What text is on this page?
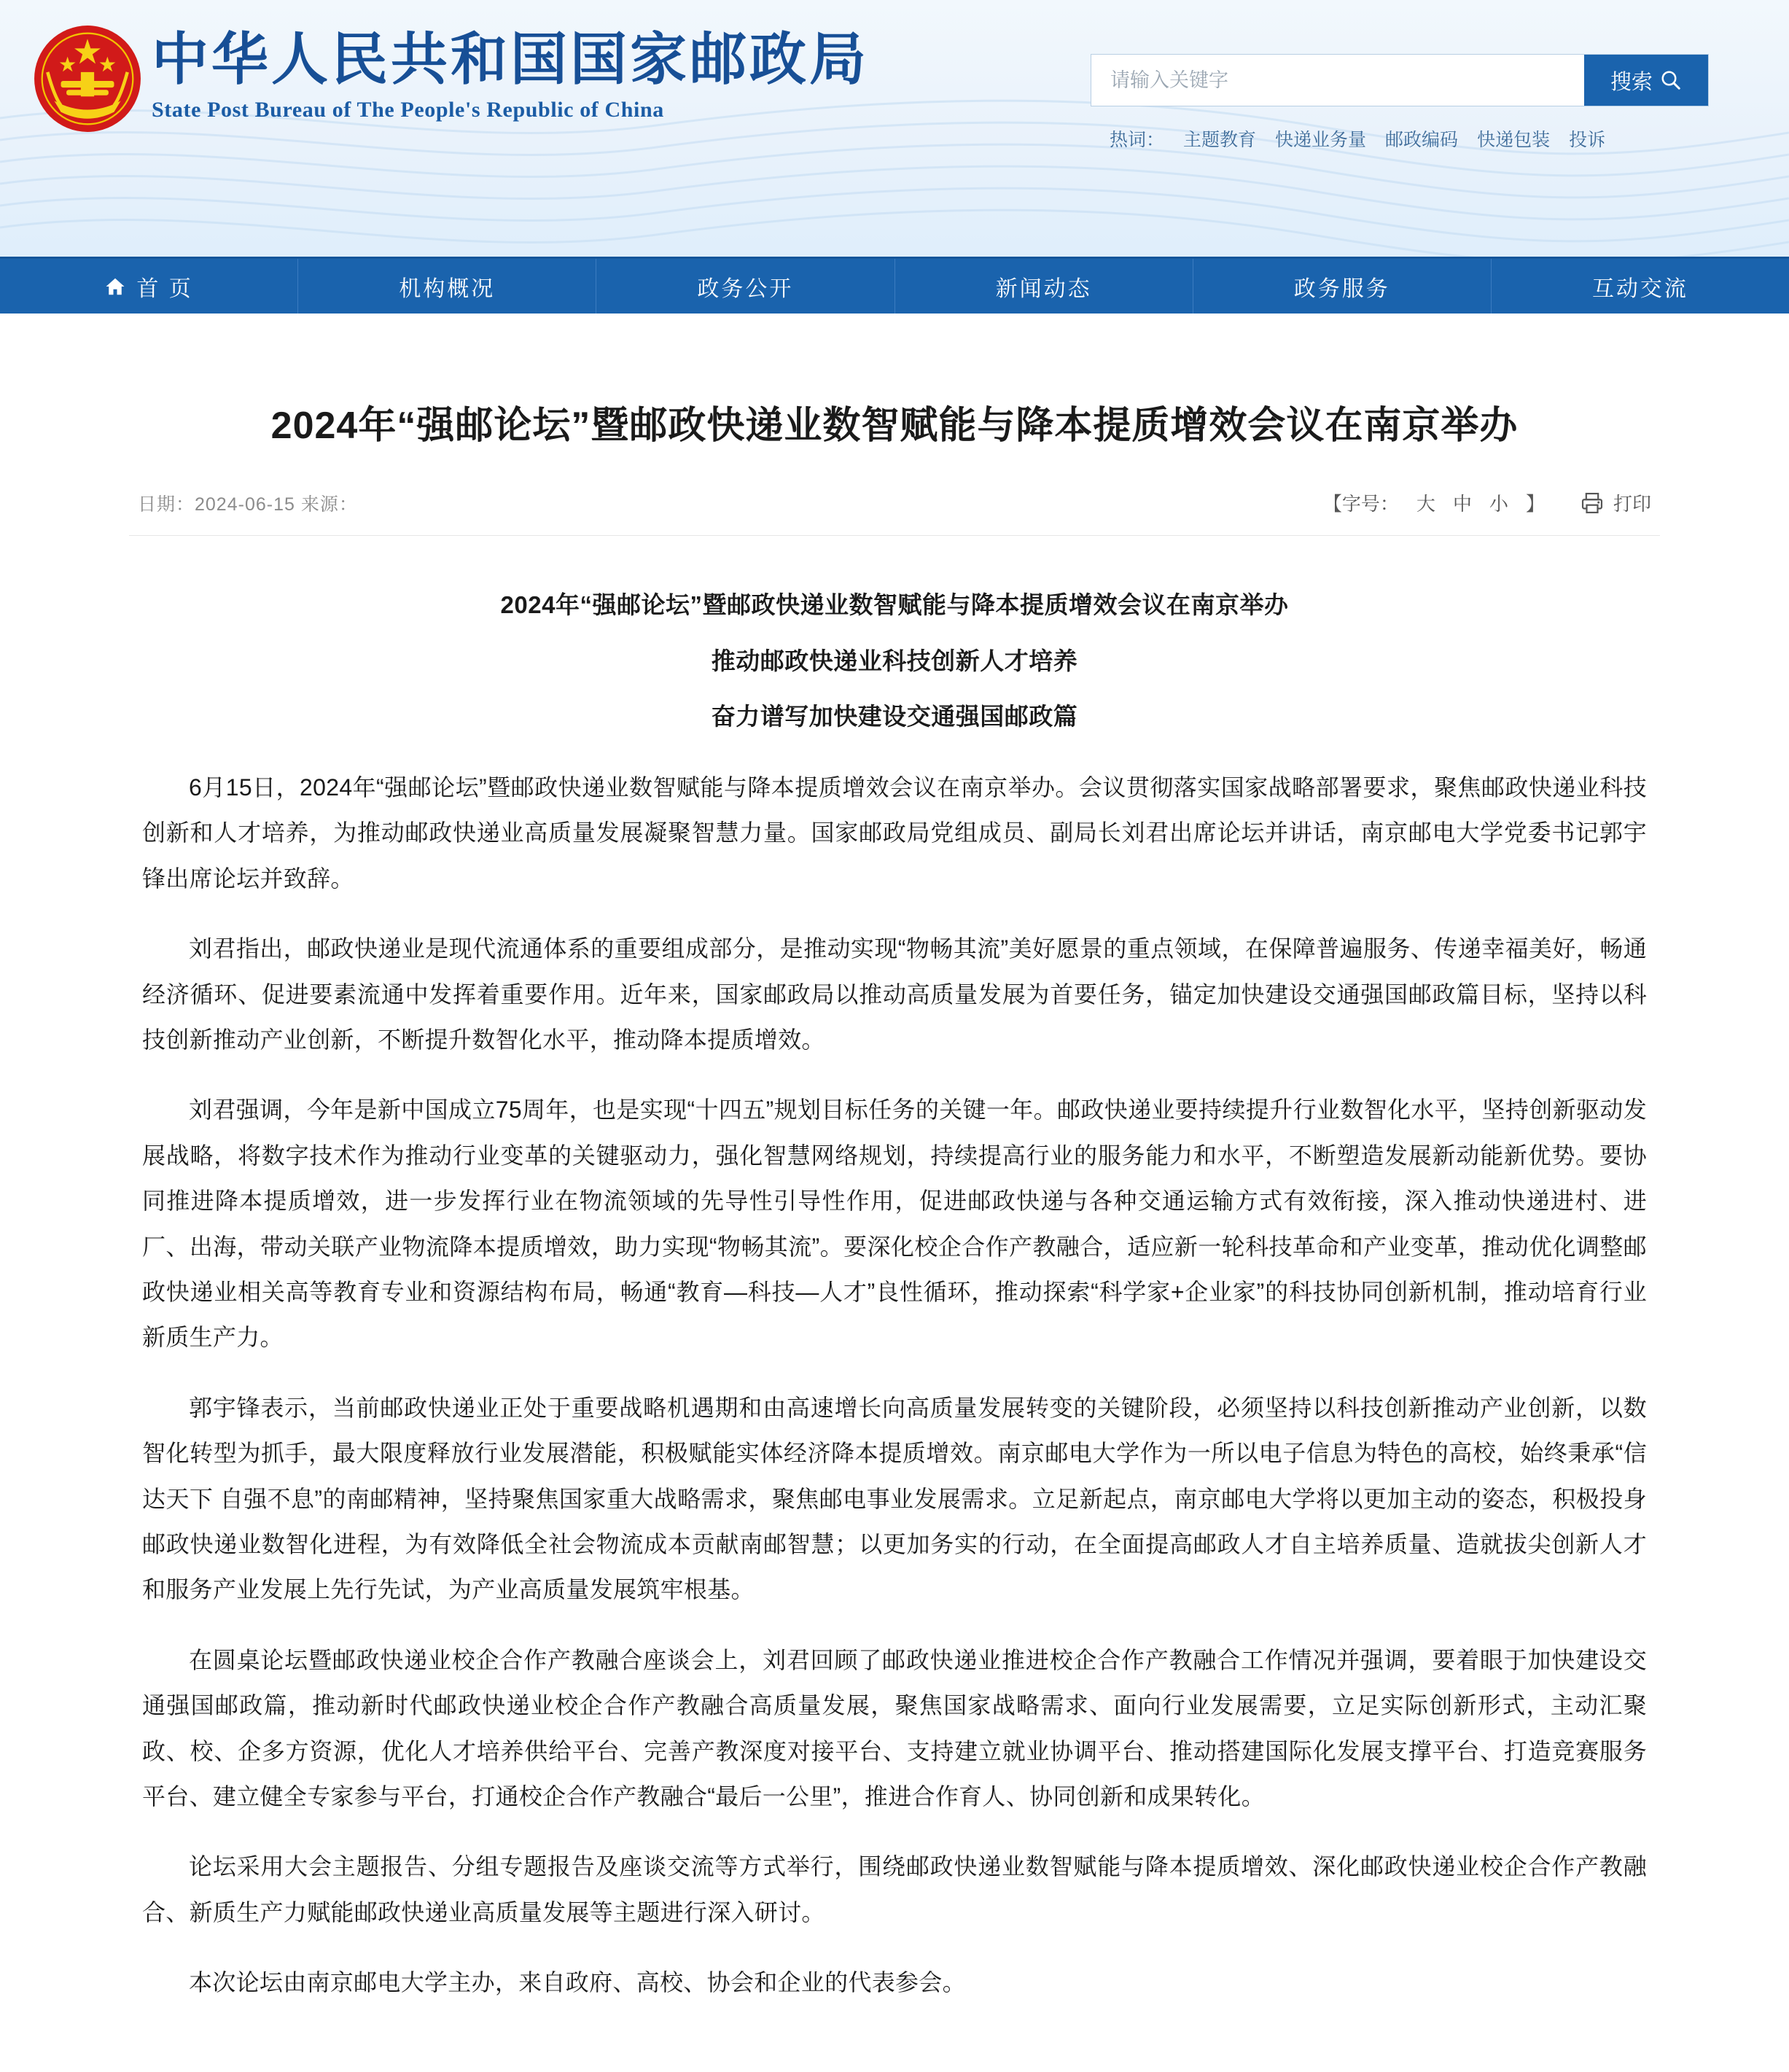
中华人民共和国国家邮政局
State Post Bureau of The People's Republic of China
请输入关键字
搜索
热词： 主题教育 快递业务量 邮政编码 快递包装 投诉
首 页	机构概况	政务公开	新闻动态	政务服务	互动交流
2024年“强邮论坛”暨邮政快递业数智赋能与降本提质增效会议在南京举办
日期：2024-06-15 来源：	【字号： 大 中 小 】	打印
2024年“强邮论坛”暨邮政快递业数智赋能与降本提质增效会议在南京举办
推动邮政快递业科技创新人才培养
奋力谱写加快建设交通强国邮政篇

6月15日，2024年“强邮论坛”暨邮政快递业数智赋能与降本提质增效会议在南京举办。会议贯彻落实国家战略部署要求，聚焦邮政快递业科技创新和人才培养，为推动邮政快递业高质量发展凝聚智慧力量。国家邮政局党组成员、副局长刘君出席论坛并讲话，南京邮电大学党委书记郭宇锋出席论坛并致辞。

刘君指出，邮政快递业是现代流通体系的重要组成部分，是推动实现“物畅其流”美好愿景的重点领域，在保障普遍服务、传递幸福美好，畅通经济循环、促进要素流通中发挥着重要作用。近年来，国家邮政局以推动高质量发展为首要任务，锚定加快建设交通强国邮政篇目标，坚持以科技创新推动产业创新，不断提升数智化水平，推动降本提质增效。

刘君强调，今年是新中国成立75周年，也是实现“十四五”规划目标任务的关键一年。邮政快递业要持续提升行业数智化水平，坚持创新驱动发展战略，将数字技术作为推动行业变革的关键驱动力，强化智慧网络规划，持续提高行业的服务能力和水平，不断塑造发展新动能新优势。要协同推进降本提质增效，进一步发挥行业在物流领域的先导性引导性作用，促进邮政快递与各种交通运输方式有效衔接，深入推动快递进村、进厂、出海，带动关联产业物流降本提质增效，助力实现“物畅其流”。要深化校企合作产教融合，适应新一轮科技革命和产业变革，推动优化调整邮政快递业相关高等教育专业和资源结构布局，畅通“教育—科技—人才”良性循环，推动探索“科学家+企业家”的科技协同创新机制，推动培育行业新质生产力。

郭宇锋表示，当前邮政快递业正处于重要战略机遇期和由高速增长向高质量发展转变的关键阶段，必须坚持以科技创新推动产业创新，以数智化转型为抓手，最大限度释放行业发展潜能，积极赋能实体经济降本提质增效。南京邮电大学作为一所以电子信息为特色的高校，始终秉承“信达天下 自强不息”的南邮精神，坚持聚焦国家重大战略需求，聚焦邮电事业发展需求。立足新起点，南京邮电大学将以更加主动的姿态，积极投身邮政快递业数智化进程，为有效降低全社会物流成本贡献南邮智慧；以更加务实的行动，在全面提高邮政人才自主培养质量、造就拔尖创新人才和服务产业发展上先行先试，为产业高质量发展筑牢根基。

在圆桌论坛暨邮政快递业校企合作产教融合座谈会上，刘君回顾了邮政快递业推进校企合作产教融合工作情况并强调，要着眼于加快建设交通强国邮政篇，推动新时代邮政快递业校企合作产教融合高质量发展，聚焦国家战略需求、面向行业发展需要，立足实际创新形式，主动汇聚政、校、企多方资源，优化人才培养供给平台、完善产教深度对接平台、支持建立就业协调平台、推动搭建国际化发展支撑平台、打造竞赛服务平台、建立健全专家参与平台，打通校企合作产教融合“最后一公里”，推进合作育人、协同创新和成果转化。

论坛采用大会主题报告、分组专题报告及座谈交流等方式举行，围绕邮政快递业数智赋能与降本提质增效、深化邮政快递业校企合作产教融合、新质生产力赋能邮政快递业高质量发展等主题进行深入研讨。

本次论坛由南京邮电大学主办，来自政府、高校、协会和企业的代表参会。
